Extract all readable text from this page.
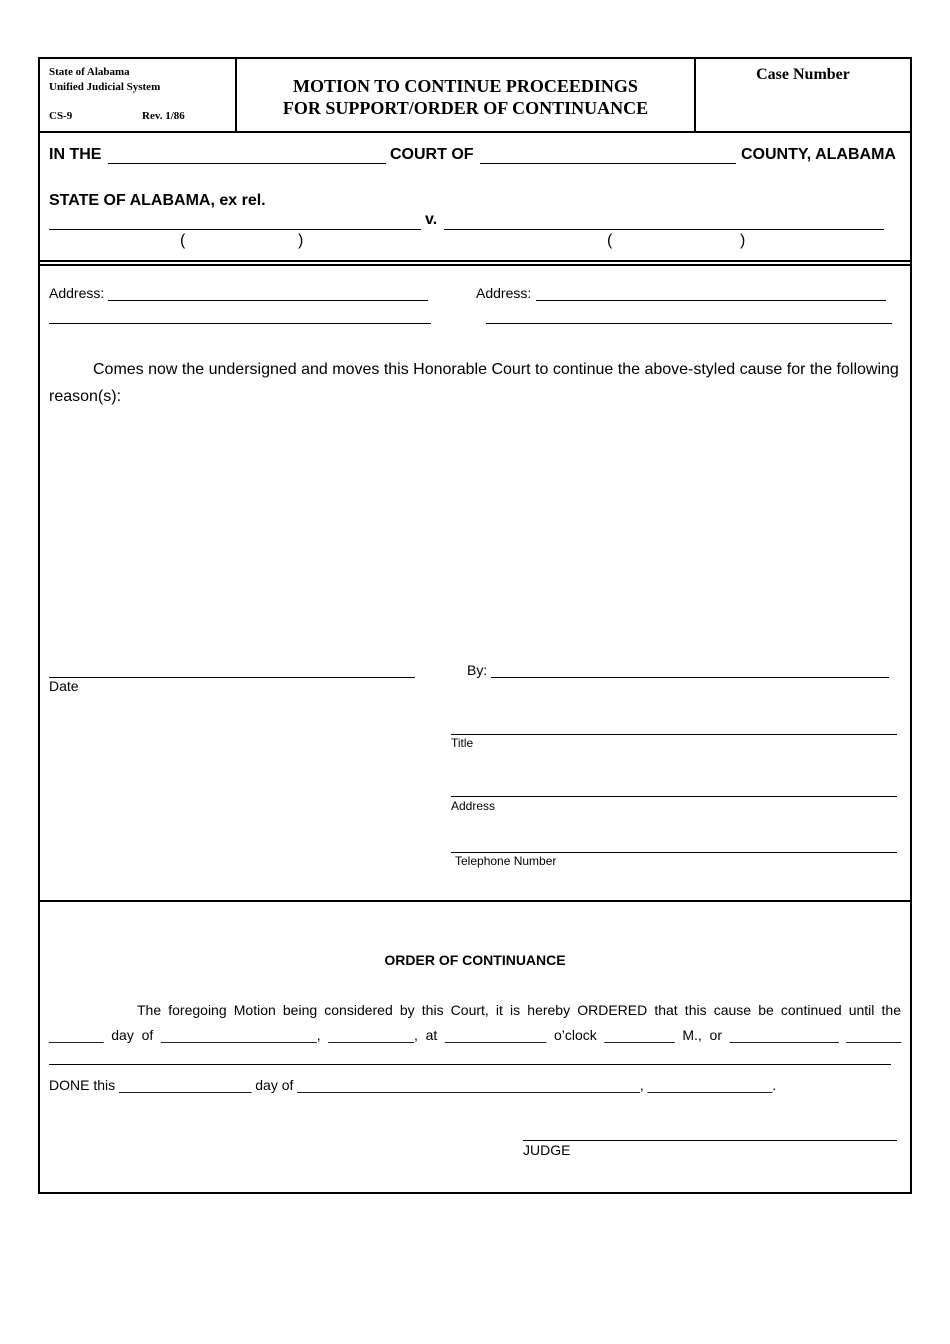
State of Alabama
Unified Judicial System
CS-9	Rev. 1/86
MOTION TO CONTINUE PROCEEDINGS
FOR SUPPORT/ORDER OF CONTINUANCE
Case Number
IN THE	COURT OF	COUNTY, ALABAMA
STATE OF ALABAMA, ex rel.
v.
(	)	(	)
Address:	Address:
Comes now the undersigned and moves this Honorable Court to continue the above-styled cause for the following reason(s):
Date
By:
Title
Address
Telephone Number
ORDER OF CONTINUANCE
The foregoing Motion being considered by this Court, it is hereby ORDERED that this cause be continued until the
_______ day of ____________________, ___________, at _____________ o’clock _________ M., or ______________ _______
DONE this _________________ day of ____________________________________________, ________________.
JUDGE
